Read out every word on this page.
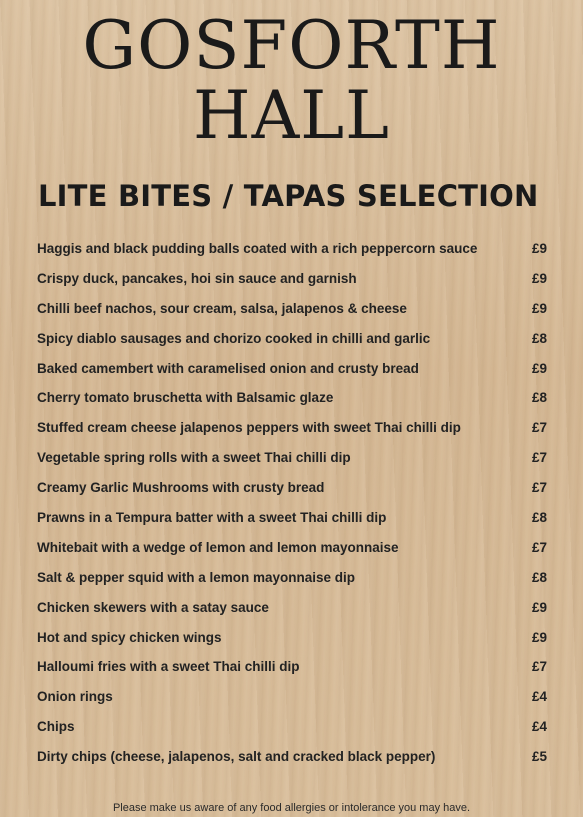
GOSFORTH
HALL
LITE BITES / TAPAS SELECTION
Haggis and black pudding balls coated with a rich peppercorn sauce	£9
Crispy duck, pancakes, hoi sin sauce and garnish	£9
Chilli beef nachos, sour cream, salsa, jalapenos & cheese	£9
Spicy diablo sausages and chorizo cooked in chilli and garlic	£8
Baked camembert with caramelised onion and crusty bread	£9
Cherry tomato bruschetta with Balsamic glaze	£8
Stuffed cream cheese jalapenos peppers with sweet Thai chilli dip	£7
Vegetable spring rolls with a sweet Thai chilli dip	£7
Creamy Garlic Mushrooms with crusty bread	£7
Prawns in a Tempura batter with a sweet Thai chilli dip	£8
Whitebait with a wedge of lemon and lemon mayonnaise	£7
Salt & pepper squid with a lemon mayonnaise dip	£8
Chicken skewers with a satay sauce	£9
Hot and spicy chicken wings	£9
Halloumi fries with a sweet Thai chilli dip	£7
Onion rings	£4
Chips	£4
Dirty chips (cheese, jalapenos, salt and cracked black pepper)	£5

Please make us aware of any food allergies or intolerance you may have.
